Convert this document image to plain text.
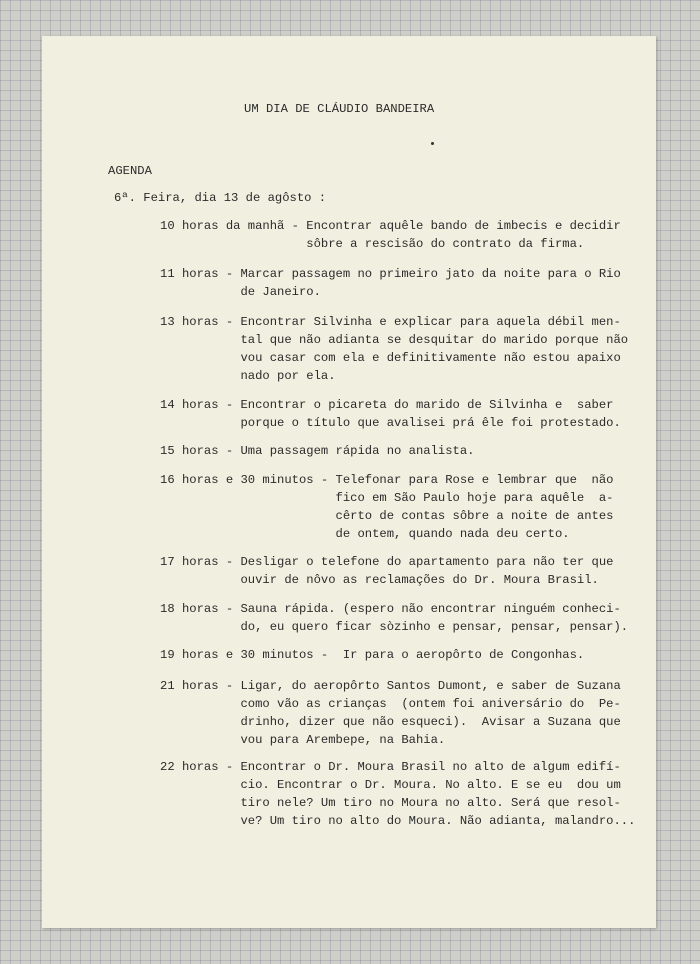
UM DIA DE CLÁUDIO BANDEIRA
AGENDA
6ª. Feira, dia 13 de agôsto :
10 horas da manhã - Encontrar aquêle bando de imbecis e decidir
sôbre a rescisão do contrato da firma.
11 horas - Marcar passagem no primeiro jato da noite para o Rio
de Janeiro.
13 horas - Encontrar Silvinha e explicar para aquela débil men-
tal que não adianta se desquitar do marido porque não
vou casar com ela e definitivamente não estou apaixo
nado por ela.
14 horas - Encontrar o picareta do marido de Silvinha e  saber
porque o título que avalisei prá êle foi protestado.
15 horas - Uma passagem rápida no analista.
16 horas e 30 minutos - Telefonar para Rose e lembrar que  não
fico em São Paulo hoje para aquêle  a-
cêrto de contas sôbre a noite de antes
de ontem, quando nada deu certo.
17 horas - Desligar o telefone do apartamento para não ter que
ouvir de nôvo as reclamações do Dr. Moura Brasil.
18 horas - Sauna rápida. (espero não encontrar ninguém conheci-
do, eu quero ficar sòzinho e pensar, pensar, pensar).
19 horas e 30 minutos -  Ir para o aeropôrto de Congonhas.
21 horas - Ligar, do aeropôrto Santos Dumont, e saber de Suzana
como vão as crianças  (ontem foi aniversário do  Pe-
drinho, dizer que não esqueci).  Avisar a Suzana que
vou para Arembepe, na Bahia.
22 horas - Encontrar o Dr. Moura Brasil no alto de algum edifí-
cio. Encontrar o Dr. Moura. No alto. E se eu  dou um
tiro nele? Um tiro no Moura no alto. Será que resol-
ve? Um tiro no alto do Moura. Não adianta, malandro...
